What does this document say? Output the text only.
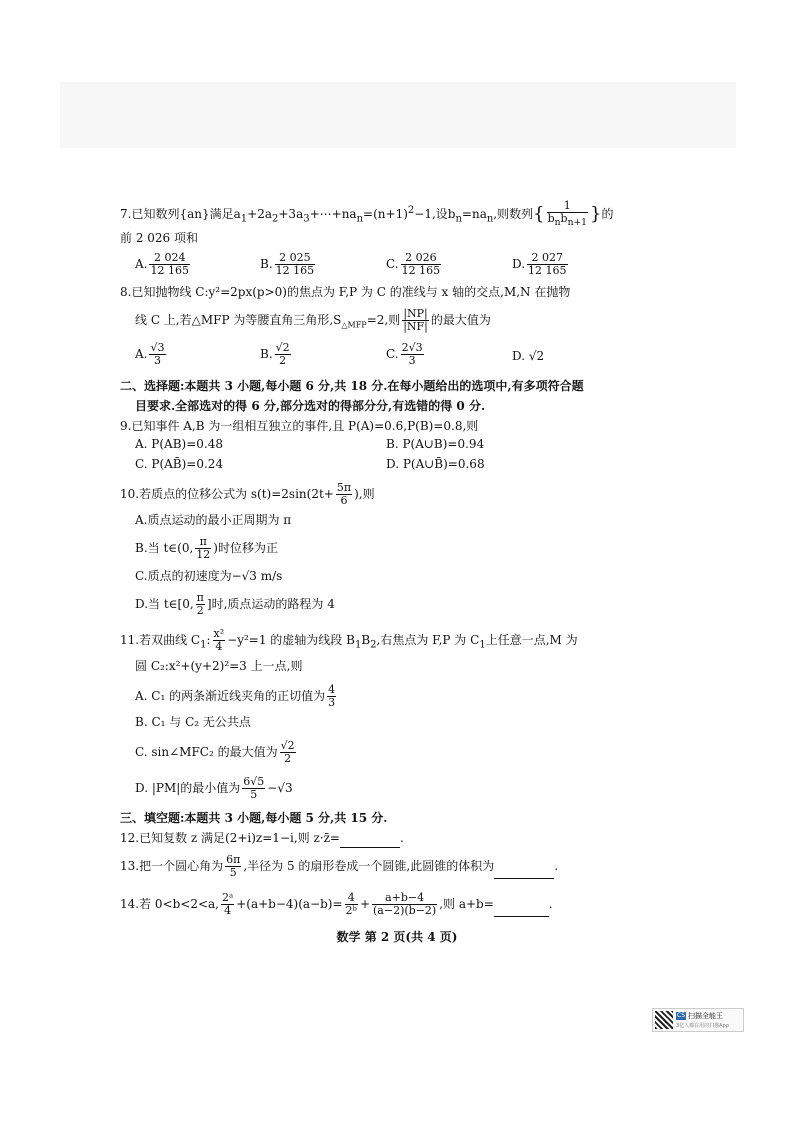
7.已知数列{an}满足$a_1+2a_2+3a_3+\cdots+na_n=(n+1)^2-1$,设$b_n=na_n$,则数列{ $\frac{1}{b_nb_{n+1}}$ }的
前 2 026 项和
A. $\frac{2 024}{12 165}$	B. $\frac{2 025}{12 165}$	C. $\frac{2 026}{12 165}$	D. $\frac{2 027}{12 165}$
8.已知抛物线 C:y²=2px(p>0)的焦点为 F,P 为 C 的准线与 x 轴的交点,M,N 在抛物
线 C 上,若△MFP 为等腰直角三角形$,S_{\triangle MFP}=2$,则 $\frac{|NP|}{|NF|}$ 的最大值为
A. $\frac{√3}{3}$	B. $\frac{√2}{2}$	C. $\frac{2√3}{3}$	D. √2
二、选择题:本题共 3 小题,每小题 6 分,共 18 分.在每小题给出的选项中,有多项符合题
目要求.全部选对的得 6 分,部分选对的得部分分,有选错的得 0 分.
9.已知事件 A,B 为一组相互独立的事件,且 P(A)=0.6,P(B)=0.8,则
A. P(AB)=0.48	B. P(A∪B)=0.94
C. P(AB̄)=0.24	D. P(A∪B̄)=0.68
10.若质点的位移公式为 $s(t)=2\sin(2t+ \frac{5\pi}{6}$ ),则
A.质点运动的最小正周期为 π
B.当 t∈(0, $\frac{\pi}{12}$ )时位移为正
C.质点的初速度为−√3 m/s
D.当 t∈[0, $\frac{\pi}{2}$ ]时,质点运动的路程为 4
11.若双曲线 $C_1$: $\frac{\text{x²}}{4} -y^2=1$ 的虚轴为线段 $B_1B_2$,右焦点为 F,P 为 $C_1$上任意一点,M 为
圆 C₂:x²+(y+2)²=3 上一点,则
A. C₁ 的两条渐近线夹角的正切值为 $\frac{4}{3}$
B. C₁ 与 C₂ 无公共点
C. sin∠MFC₂ 的最大值为 $\frac{√2}{2}$
D. |PM|的最小值为 $\frac{6√5}{5} -√3$
三、填空题:本题共 3 小题,每小题 5 分,共 15 分.
12.已知复数 z 满足(2+i)z=1−i,则 z·z̄=	.
13.把一个圆心角为 $\frac{6\pi}{5}$ ,半径为 5 的扇形卷成一个圆锥,此圆锥的体积为	.
14.若 0<b<2<a, $\frac{\text{2ᵃ}}{4} +(a+b-4)(a-b)= \frac{4}{\text{2ᵇ}} + \frac{a+b-4}{(a-2)(b-2)}$ ,则 a+b=	.
数学 第 2 页(共 4 页)
CS 扫描全能王
3亿人都在用的扫描App
